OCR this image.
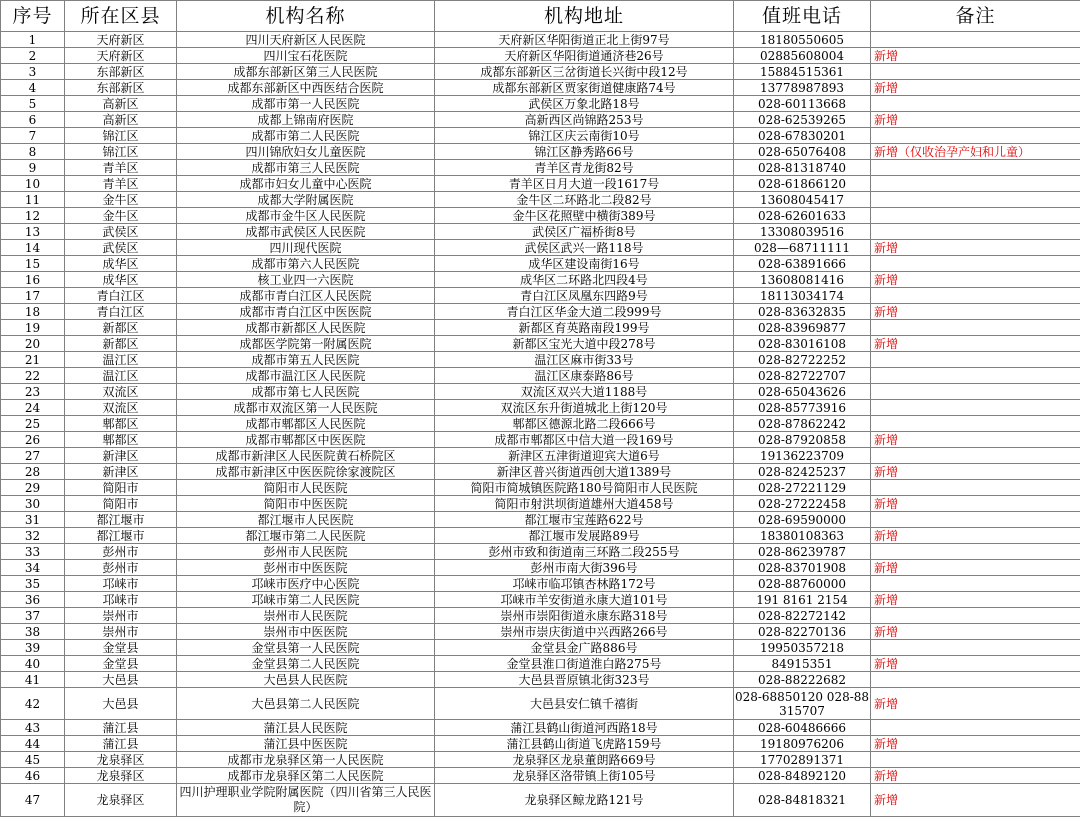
序号	所在区县	机构名称	机构地址	值班电话	备注
1	天府新区	四川天府新区人民医院	天府新区华阳街道正北上街97号	18180550605	
2	天府新区	四川宝石花医院	天府新区华阳街道通济巷26号	02885608004	新增
3	东部新区	成都东部新区第三人民医院	成都东部新区三岔街道长兴街中段12号	15884515361	
4	东部新区	成都东部新区中西医结合医院	成都东部新区贾家街道健康路74号	13778987893	新增
5	高新区	成都市第一人民医院	武侯区万象北路18号	028-60113668	
6	高新区	成都上锦南府医院	高新西区尚锦路253号	028-62539265	新增
7	锦江区	成都市第二人民医院	锦江区庆云南街10号	028-67830201	
8	锦江区	四川锦欣妇女儿童医院	锦江区静秀路66号	028-65076408	新增（仅收治孕产妇和儿童）
9	青羊区	成都市第三人民医院	青羊区青龙街82号	028-81318740	
10	青羊区	成都市妇女儿童中心医院	青羊区日月大道一段1617号	028-61866120	
11	金牛区	成都大学附属医院	金牛区二环路北二段82号	13608045417	
12	金牛区	成都市金牛区人民医院	金牛区花照壁中横街389号	028-62601633	
13	武侯区	成都市武侯区人民医院	武侯区广福桥街8号	13308039516	
14	武侯区	四川现代医院	武侯区武兴一路118号	028—68711111	新增
15	成华区	成都市第六人民医院	成华区建设南街16号	028-63891666	
16	成华区	核工业四一六医院	成华区二环路北四段4号	13608081416	新增
17	青白江区	成都市青白江区人民医院	青白江区凤凰东四路9号	18113034174	
18	青白江区	成都市青白江区中医医院	青白江区华金大道二段999号	028-83632835	新增
19	新都区	成都市新都区人民医院	新都区育英路南段199号	028-83969877	
20	新都区	成都医学院第一附属医院	新都区宝光大道中段278号	028-83016108	新增
21	温江区	成都市第五人民医院	温江区麻市街33号	028-82722252	
22	温江区	成都市温江区人民医院	温江区康泰路86号	028-82722707	
23	双流区	成都市第七人民医院	双流区双兴大道1188号	028-65043626	
24	双流区	成都市双流区第一人民医院	双流区东升街道城北上街120号	028-85773916	
25	郫都区	成都市郫都区人民医院	郫都区德源北路二段666号	028-87862242	
26	郫都区	成都市郫都区中医医院	成都市郫都区中信大道一段169号	028-87920858	新增
27	新津区	成都市新津区人民医院黄石桥院区	新津区五津街道迎宾大道6号	19136223709	
28	新津区	成都市新津区中医医院徐家渡院区	新津区普兴街道西创大道1389号	028-82425237	新增
29	简阳市	简阳市人民医院	简阳市简城镇医院路180号简阳市人民医院	028-27221129	
30	简阳市	简阳市中医医院	简阳市射洪坝街道雄州大道458号	028-27222458	新增
31	都江堰市	都江堰市人民医院	都江堰市宝莲路622号	028-69590000	
32	都江堰市	都江堰市第二人民医院	都江堰市发展路89号	18380108363	新增
33	彭州市	彭州市人民医院	彭州市致和街道南三环路二段255号	028-86239787	
34	彭州市	彭州市中医医院	彭州市南大街396号	028-83701908	新增
35	邛崃市	邛崃市医疗中心医院	邛崃市临邛镇杏林路172号	028-88760000	
36	邛崃市	邛崃市第二人民医院	邛崃市羊安街道永康大道101号	191 8161 2154	新增
37	崇州市	崇州市人民医院	崇州市崇阳街道永康东路318号	028-82272142	
38	崇州市	崇州市中医医院	崇州市崇庆街道中兴西路266号	028-82270136	新增
39	金堂县	金堂县第一人民医院	金堂县金广路886号	19950357218	
40	金堂县	金堂县第二人民医院	金堂县淮口街道淮白路275号	84915351	新增
41	大邑县	大邑县人民医院	大邑县晋原镇北街323号	028-88222682	
42	大邑县	大邑县第二人民医院	大邑县安仁镇千禧街	028-68850120 028-88315707	新增
43	蒲江县	蒲江县人民医院	蒲江县鹤山街道河西路18号	028-60486666	
44	蒲江县	蒲江县中医医院	蒲江县鹤山街道飞虎路159号	19180976206	新增
45	龙泉驿区	成都市龙泉驿区第一人民医院	龙泉驿区龙泉董朗路669号	17702891371	
46	龙泉驿区	成都市龙泉驿区第二人民医院	龙泉驿区洛带镇上街105号	028-84892120	新增
47	龙泉驿区	四川护理职业学院附属医院（四川省第三人民医院）	龙泉驿区鲸龙路121号	028-84818321	新增
